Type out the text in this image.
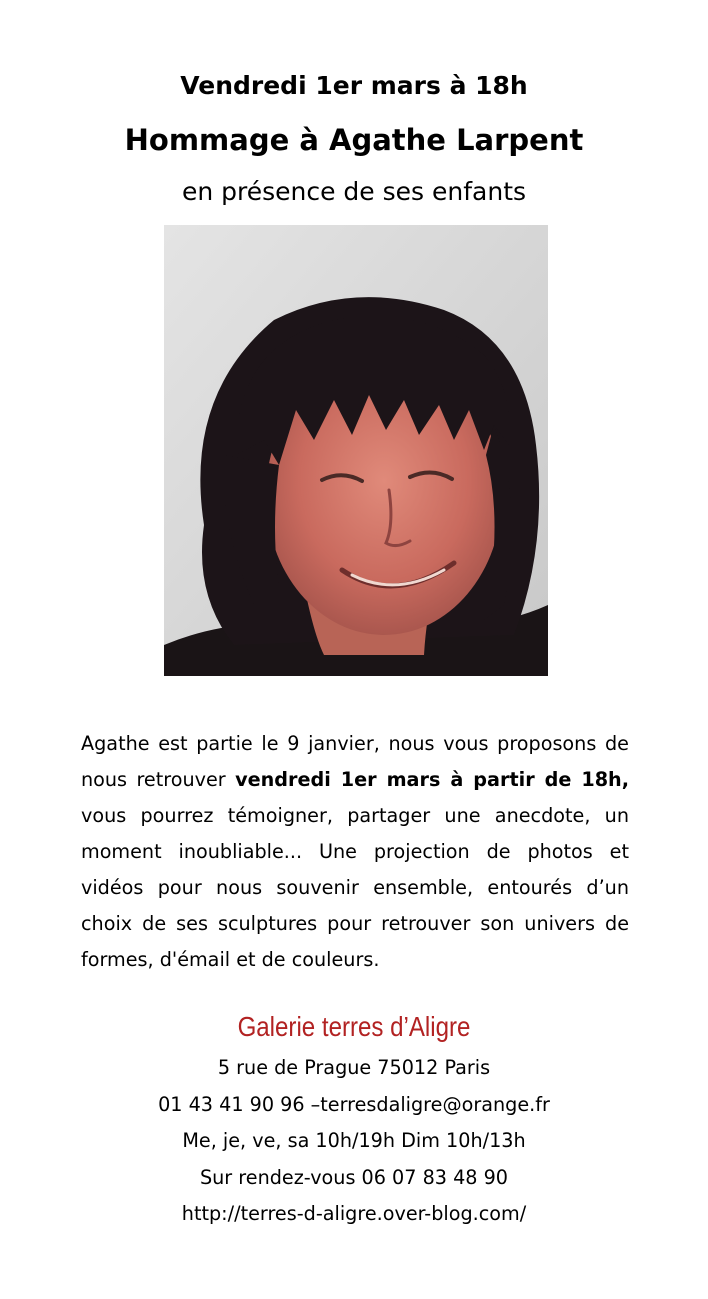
Vendredi 1er mars à 18h
Hommage à Agathe Larpent
en présence de ses enfants
Agathe est partie le 9 janvier, nous vous proposons de nous retrouver vendredi 1er mars à partir de 18h, vous pourrez témoigner, partager une anecdote, un moment inoubliable... Une projection de photos et vidéos pour nous souvenir ensemble, entourés d’un choix de ses sculptures pour retrouver son univers de formes, d'émail et de couleurs.
Galerie terres d’Aligre
5 rue de Prague 75012 Paris
01 43 41 90 96 –terresdaligre@orange.fr
Me, je, ve, sa 10h/19h Dim 10h/13h
Sur rendez-vous 06 07 83 48 90
http://terres-d-aligre.over-blog.com/
